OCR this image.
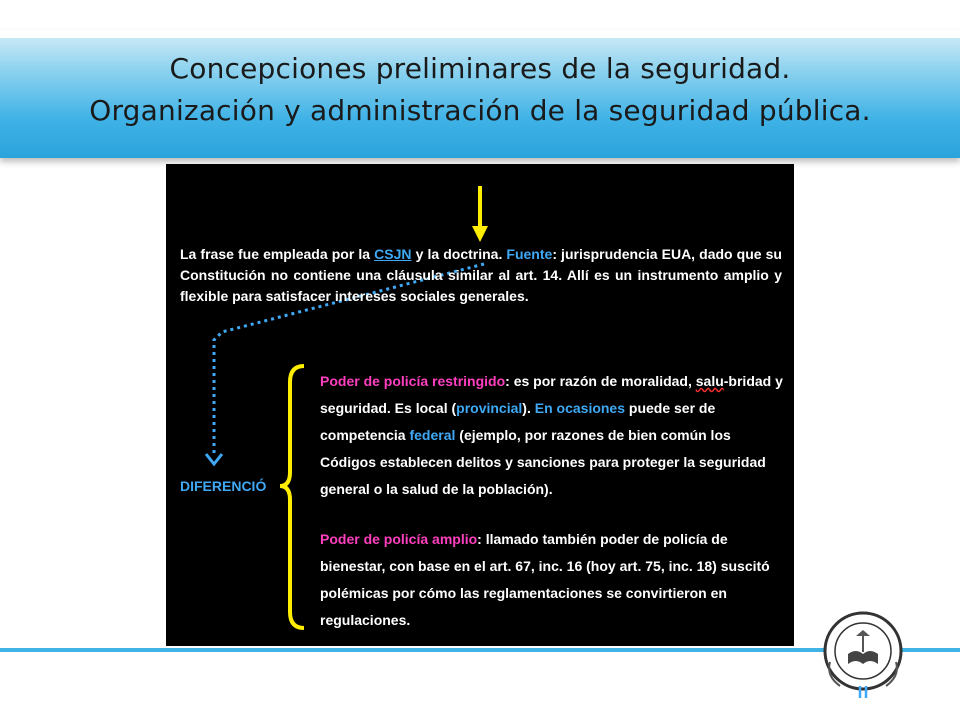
Concepciones preliminares de la seguridad.
Organización y administración de la seguridad pública.
La frase fue empleada por la CSJN y la doctrina. Fuente: jurisprudencia EUA, dado que su Constitución no contiene una cláusula similar al art. 14. Allí es un instrumento amplio y flexible para satisfacer intereses sociales generales.
DIFERENCIÓ
Poder de policía restringido: es por razón de moralidad, salu-bridad y seguridad. Es local (provincial). En ocasiones puede ser de competencia federal (ejemplo, por razones de bien común los Códigos establecen delitos y sanciones para proteger la seguridad general o la salud de la población).
Poder de policía amplio: llamado también poder de policía de bienestar, con base en el art. 67, inc. 16 (hoy art. 75, inc. 18) suscitó polémicas por cómo las reglamentaciones se convirtieron en regulaciones.
